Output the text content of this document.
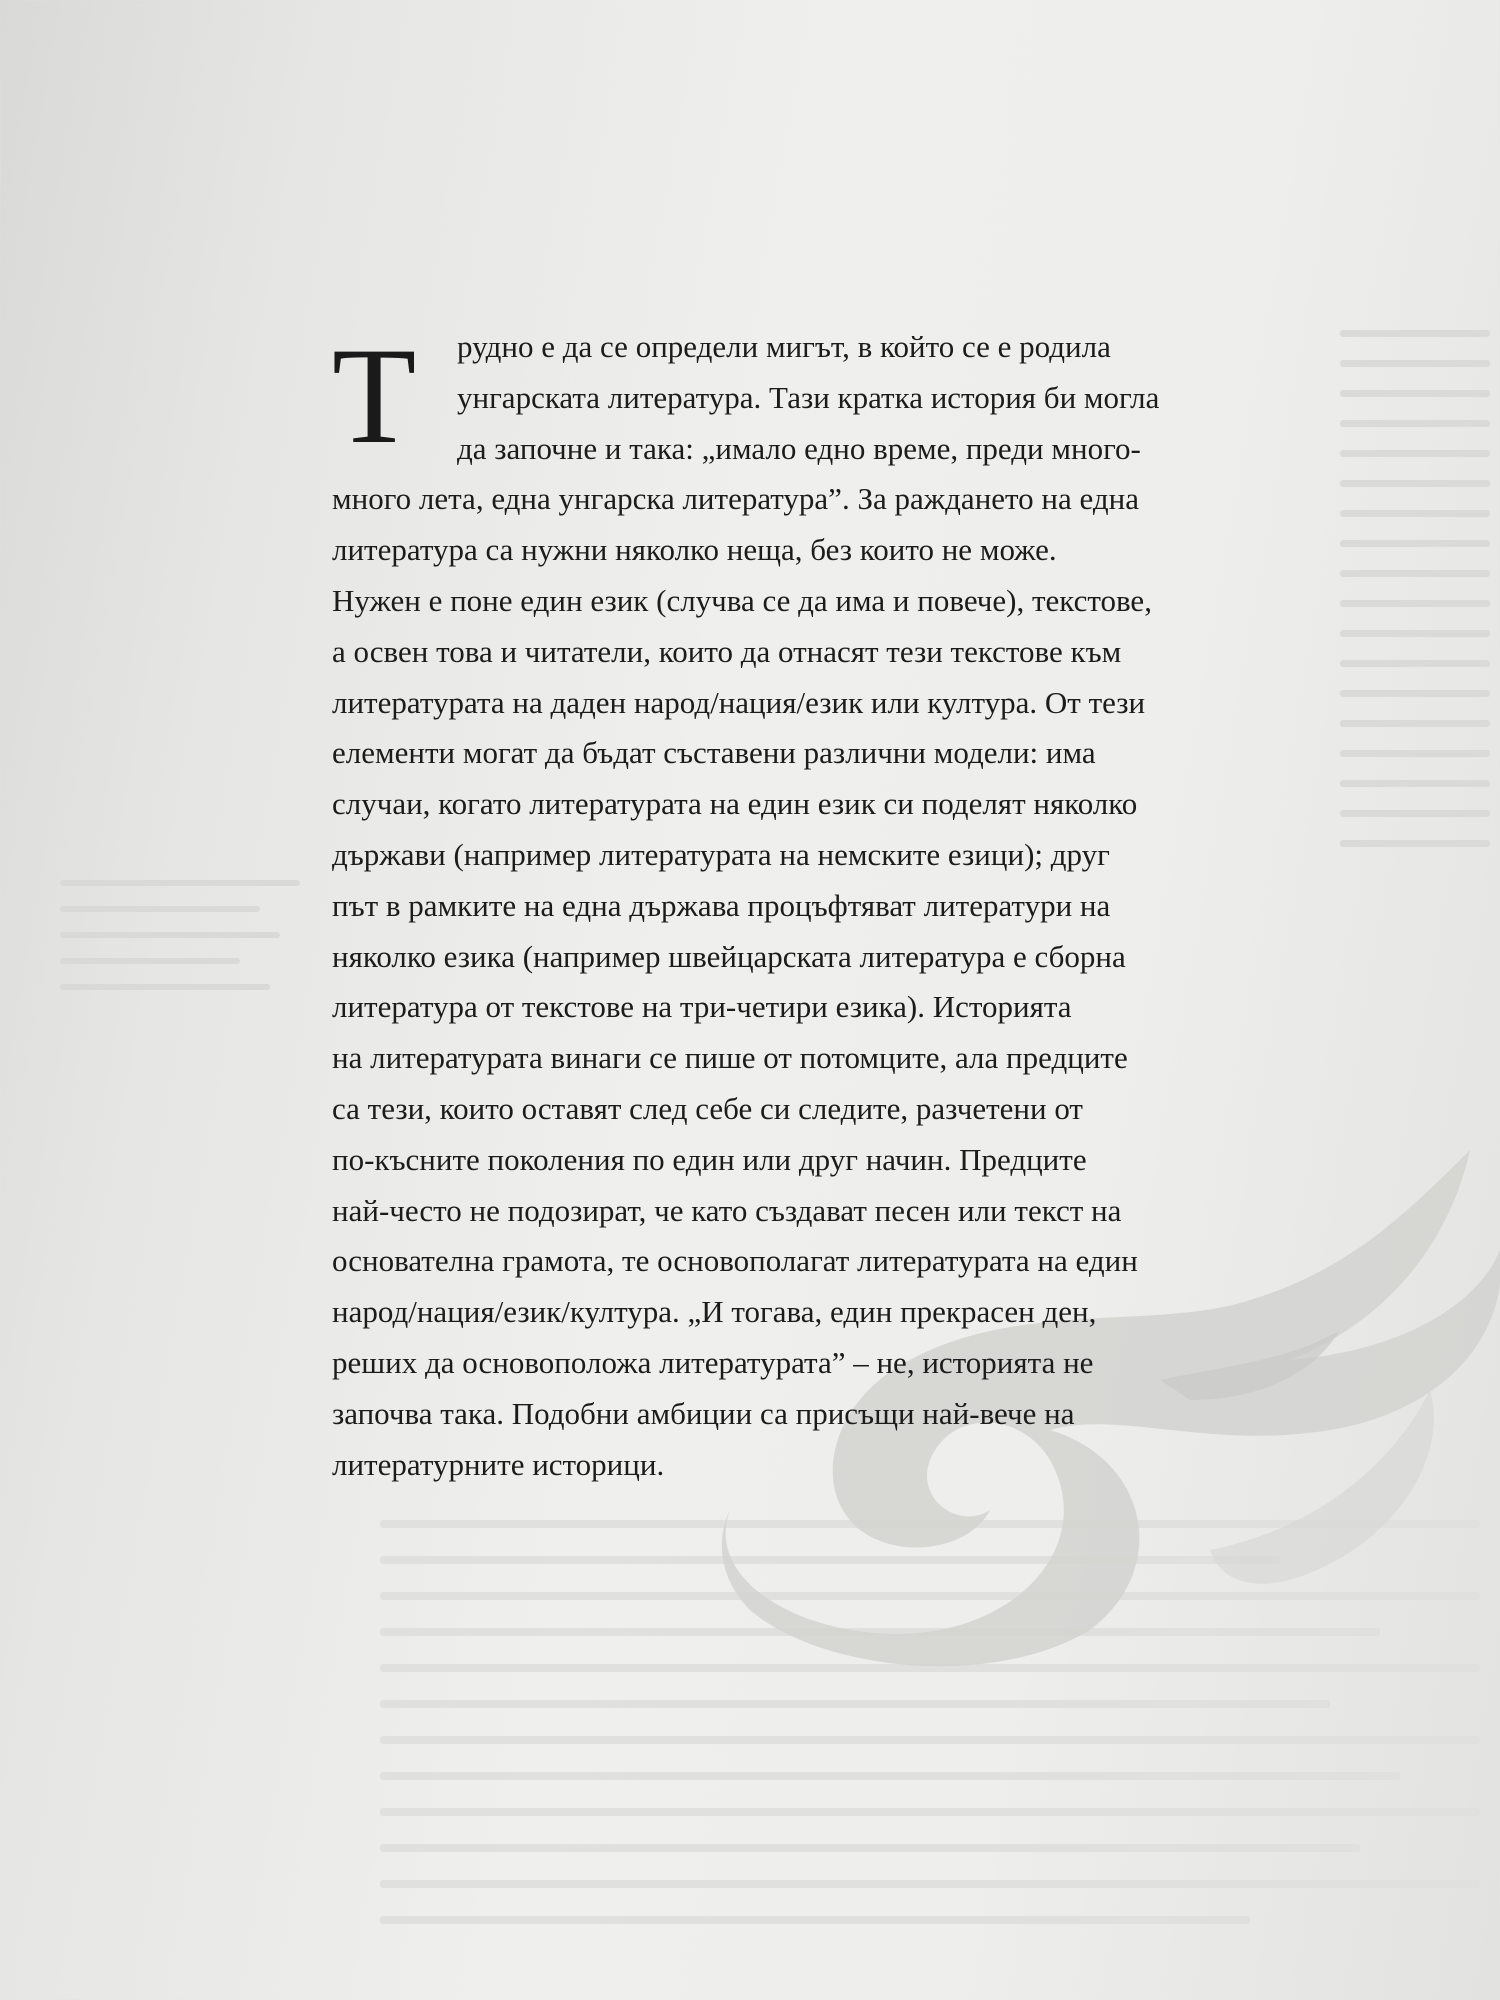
Т	рудно е да се определи мигът, в който се е родила
унгарската литература. Тази кратка история би могла
да започне и така: „имало едно време, преди много-
много лета, една унгарска литература”. За раждането на една
литература са нужни няколко неща, без които не може.
Нужен е поне един език (случва се да има и повече), текстове,
а освен това и читатели, които да отнасят тези текстове към
литературата на даден народ/нация/език или култура. От тези
елементи могат да бъдат съставени различни модели: има
случаи, когато литературата на един език си поделят няколко
държави (например литературата на немските езици); друг
път в рамките на една държава процъфтяват литератури на
няколко езика (например швейцарската литература е сборна
литература от текстове на три-четири езика). Историята
на литературата винаги се пише от потомците, ала предците
са тези, които оставят след себе си следите, разчетени от
по-късните поколения по един или друг начин. Предците
най-често не подозират, че като създават песен или текст на
основателна грамота, те основополагат литературата на един
народ/нация/език/култура. „И тогава, един прекрасен ден,
реших да основоположа литературата” – не, историята не
започва така. Подобни амбиции са присъщи най-вече на
литературните историци.
